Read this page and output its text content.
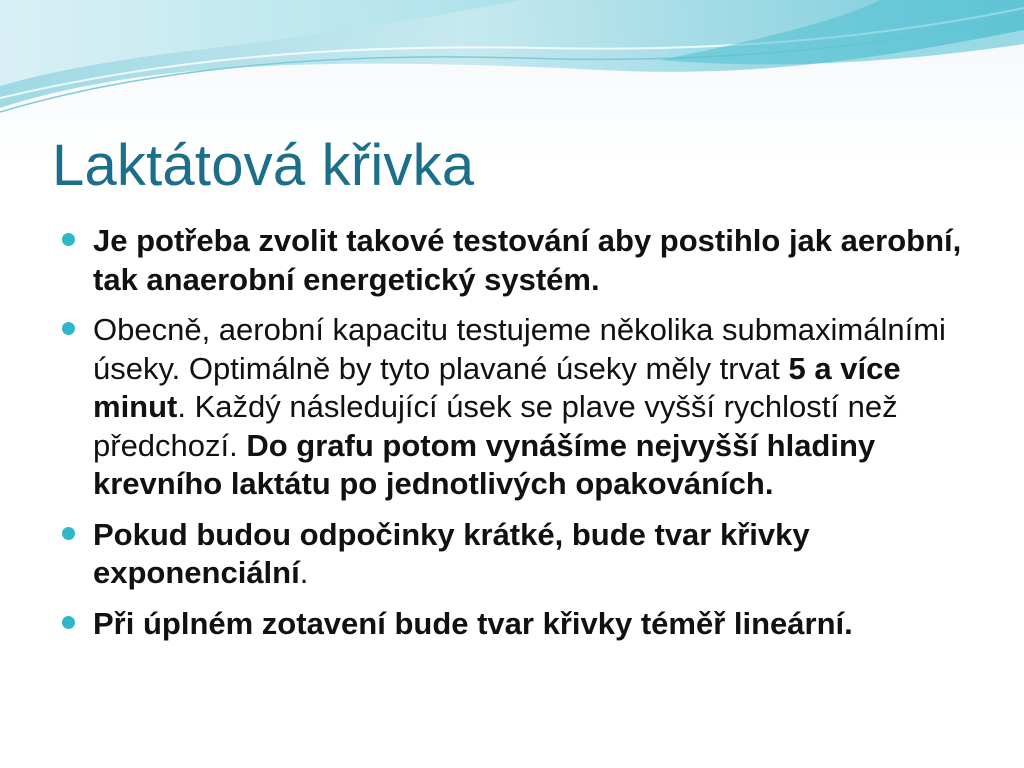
Laktátová křivka
Je potřeba zvolit takové testování aby postihlo jak aerobní, tak anaerobní energetický systém.
Obecně, aerobní kapacitu testujeme několika submaximálními úseky. Optimálně by tyto plavané úseky měly trvat 5 a více minut. Každý následující úsek se plave vyšší rychlostí než předchozí. Do grafu potom vynášíme nejvyšší hladiny krevního laktátu po jednotlivých opakováních.
Pokud budou odpočinky krátké, bude tvar křivky exponenciální.
Při úplném zotavení bude tvar křivky téměř lineární.
